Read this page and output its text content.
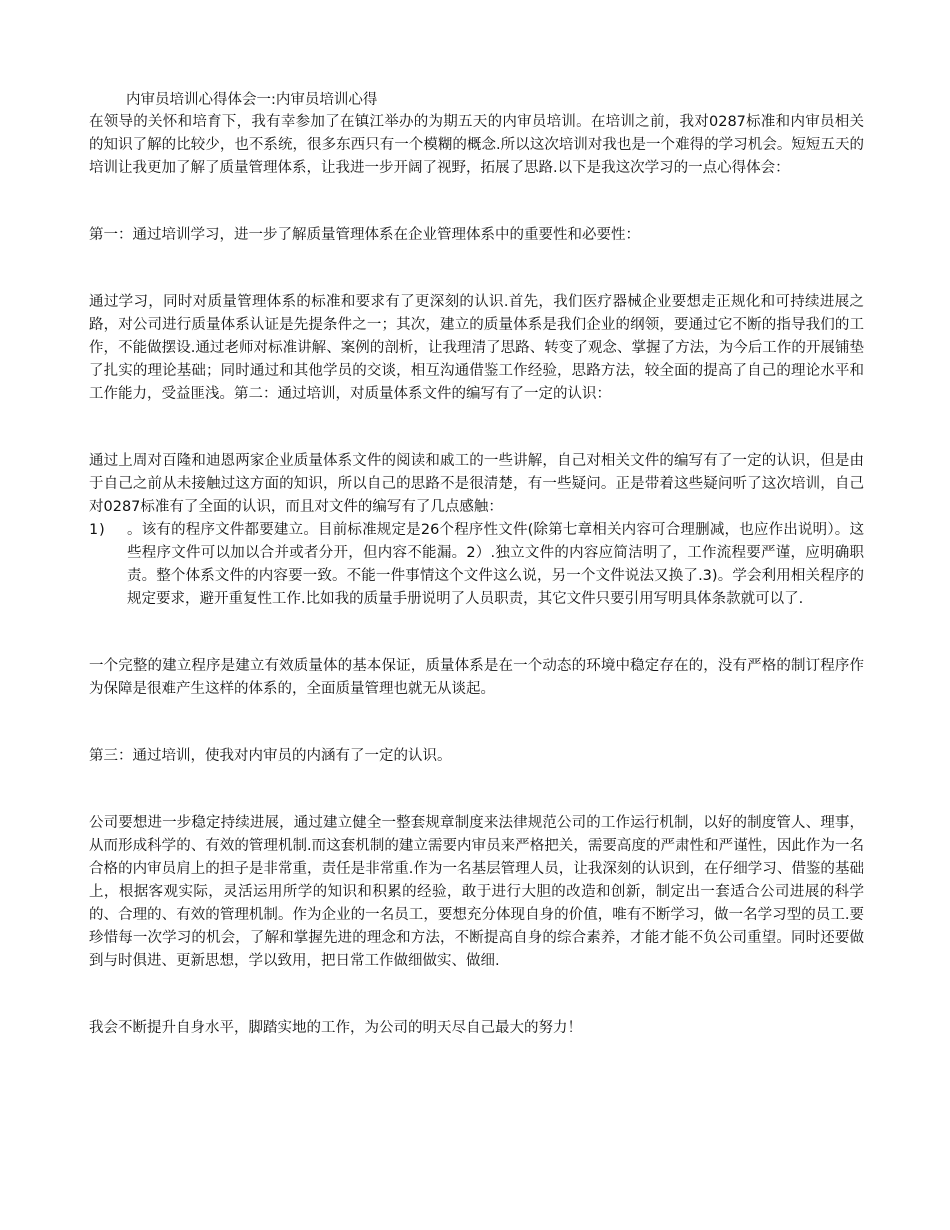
内审员培训心得体会一:内审员培训心得

在领导的关怀和培育下，我有幸参加了在镇江举办的为期五天的内审员培训。在培训之前，我对0287标准和内审员相关的知识了解的比较少，也不系统，很多东西只有一个模糊的概念.所以这次培训对我也是一个难得的学习机会。短短五天的培训让我更加了解了质量管理体系，让我进一步开阔了视野，拓展了思路.以下是我这次学习的一点心得体会：

第一：通过培训学习，进一步了解质量管理体系在企业管理体系中的重要性和必要性：

通过学习，同时对质量管理体系的标准和要求有了更深刻的认识.首先，我们医疗器械企业要想走正规化和可持续进展之路，对公司进行质量体系认证是先提条件之一；其次，建立的质量体系是我们企业的纲领，要通过它不断的指导我们的工作，不能做摆设.通过老师对标准讲解、案例的剖析，让我理清了思路、转变了观念、掌握了方法，为今后工作的开展铺垫了扎实的理论基础；同时通过和其他学员的交谈，相互沟通借鉴工作经验，思路方法，较全面的提高了自己的理论水平和工作能力，受益匪浅。第二：通过培训，对质量体系文件的编写有了一定的认识：

通过上周对百隆和迪恩两家企业质量体系文件的阅读和戚工的一些讲解，自己对相关文件的编写有了一定的认识，但是由于自己之前从未接触过这方面的知识，所以自己的思路不是很清楚，有一些疑问。正是带着这些疑问听了这次培训，自己对0287标准有了全面的认识，而且对文件的编写有了几点感触：

1)	。该有的程序文件都要建立。目前标准规定是26个程序性文件(除第七章相关内容可合理删减，也应作出说明）。这些程序文件可以加以合并或者分开，但内容不能漏。2）.独立文件的内容应简洁明了，工作流程要严谨，应明确职责。整个体系文件的内容要一致。不能一件事情这个文件这么说，另一个文件说法又换了.3)。学会利用相关程序的规定要求，避开重复性工作.比如我的质量手册说明了人员职责，其它文件只要引用写明具体条款就可以了.

一个完整的建立程序是建立有效质量体的基本保证，质量体系是在一个动态的环境中稳定存在的，没有严格的制订程序作为保障是很难产生这样的体系的，全面质量管理也就无从谈起。

第三：通过培训，使我对内审员的内涵有了一定的认识。

公司要想进一步稳定持续进展，通过建立健全一整套规章制度来法律规范公司的工作运行机制，以好的制度管人、理事，从而形成科学的、有效的管理机制.而这套机制的建立需要内审员来严格把关，需要高度的严肃性和严谨性，因此作为一名合格的内审员肩上的担子是非常重，责任是非常重.作为一名基层管理人员，让我深刻的认识到，在仔细学习、借鉴的基础上，根据客观实际，灵活运用所学的知识和积累的经验，敢于进行大胆的改造和创新，制定出一套适合公司进展的科学的、合理的、有效的管理机制。作为企业的一名员工，要想充分体现自身的价值，唯有不断学习，做一名学习型的员工.要珍惜每一次学习的机会，了解和掌握先进的理念和方法，不断提高自身的综合素养，才能才能不负公司重望。同时还要做到与时俱进、更新思想，学以致用，把日常工作做细做实、做细.

我会不断提升自身水平，脚踏实地的工作，为公司的明天尽自己最大的努力！
